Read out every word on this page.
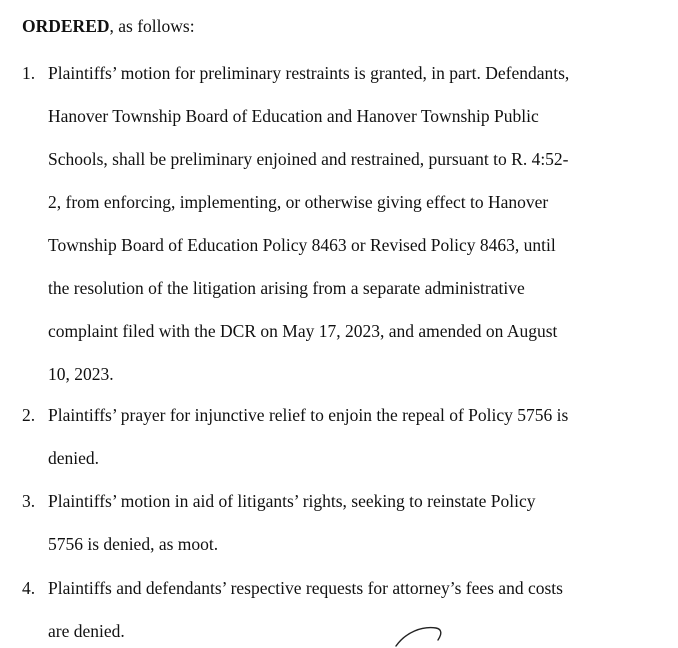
ORDERED, as follows:
1. Plaintiffs’ motion for preliminary restraints is granted, in part. Defendants,
Hanover Township Board of Education and Hanover Township Public
Schools, shall be preliminary enjoined and restrained, pursuant to R. 4:52-
2, from enforcing, implementing, or otherwise giving effect to Hanover
Township Board of Education Policy 8463 or Revised Policy 8463, until
the resolution of the litigation arising from a separate administrative
complaint filed with the DCR on May 17, 2023, and amended on August
10, 2023.
2. Plaintiffs’ prayer for injunctive relief to enjoin the repeal of Policy 5756 is
denied.
3. Plaintiffs’ motion in aid of litigants’ rights, seeking to reinstate Policy
5756 is denied, as moot.
4. Plaintiffs and defendants’ respective requests for attorney’s fees and costs
are denied.
